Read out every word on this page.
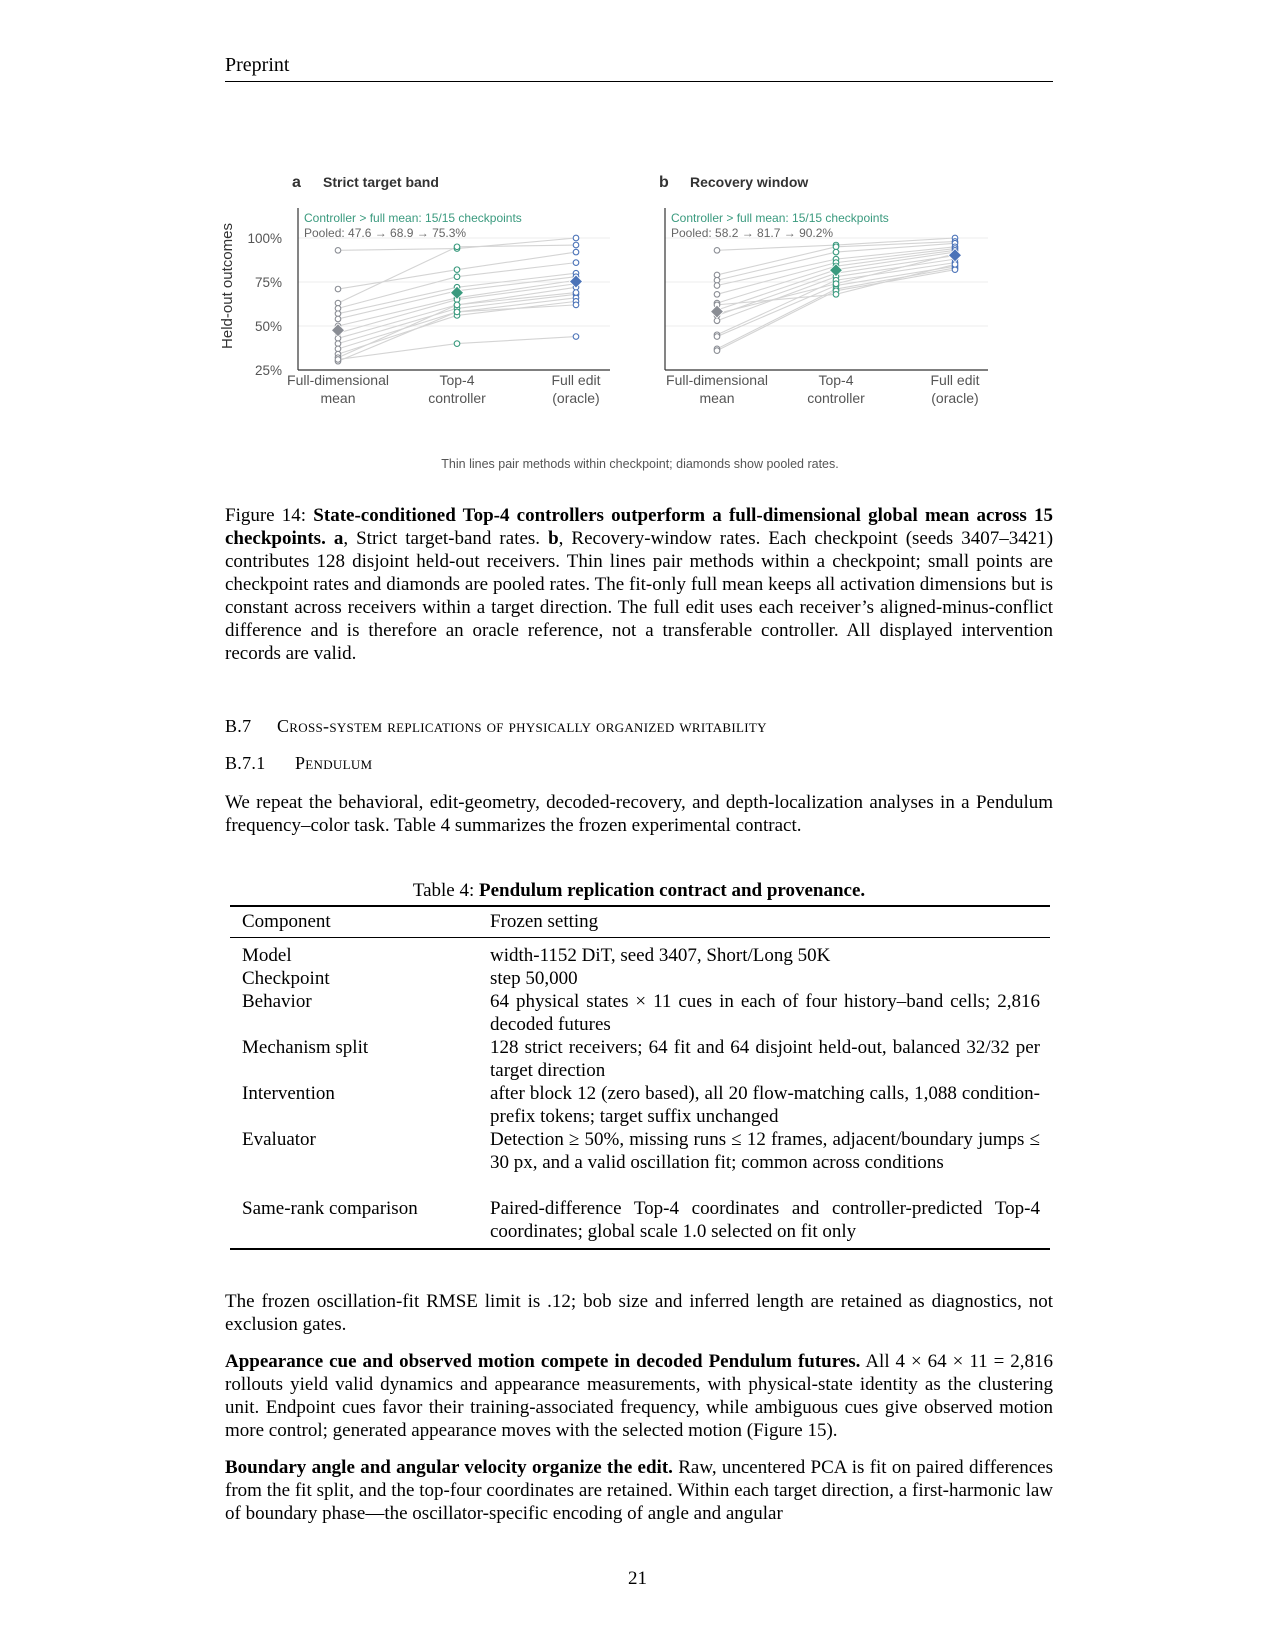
Preprint
Held-out outcomes
a Strict target band
25%
50%
75%
100%
Full-dimensional
mean
Top-4
controller
Full edit
(oracle)
Controller > full mean: 15/15 checkpoints
Pooled: 47.6 → 68.9 → 75.3%
b Recovery window
Full-dimensional
mean
Top-4
controller
Full edit
(oracle)
Controller > full mean: 15/15 checkpoints
Pooled: 58.2 → 81.7 → 90.2%
Thin lines pair methods within checkpoint; diamonds show pooled rates.
Figure 14: State-conditioned Top-4 controllers outperform a full-dimensional global mean across 15 checkpoints. a, Strict target-band rates. b, Recovery-window rates. Each checkpoint (seeds 3407–3421) contributes 128 disjoint held-out receivers. Thin lines pair methods within a checkpoint; small points are checkpoint rates and diamonds are pooled rates. The fit-only full mean keeps all activation dimensions but is constant across receivers within a target direction. The full edit uses each receiver’s aligned-minus-conflict difference and is therefore an oracle reference, not a transferable controller. All displayed intervention records are valid.
B.7 Cross-system replications of physically organized writability
B.7.1 Pendulum
We repeat the behavioral, edit-geometry, decoded-recovery, and depth-localization analyses in a Pendulum frequency–color task. Table 4 summarizes the frozen experimental contract.
Table 4: Pendulum replication contract and provenance.
Component	Frozen setting
Model	width-1152 DiT, seed 3407, Short/Long 50K
Checkpoint	step 50,000
Behavior	64 physical states × 11 cues in each of four history–band cells; 2,816 decoded futures
Mechanism split	128 strict receivers; 64 fit and 64 disjoint held-out, balanced 32/32 per target direction
Intervention	after block 12 (zero based), all 20 flow-matching calls, 1,088 condition-prefix tokens; target suffix unchanged
Evaluator	Detection ≥ 50%, missing runs ≤ 12 frames, adjacent/boundary jumps ≤ 30 px, and a valid oscillation fit; common across conditions
Same-rank comparison	Paired-difference Top-4 coordinates and controller-predicted Top-4 coordinates; global scale 1.0 selected on fit only
The frozen oscillation-fit RMSE limit is .12; bob size and inferred length are retained as diagnostics, not exclusion gates.
Appearance cue and observed motion compete in decoded Pendulum futures. All 4 × 64 × 11 = 2,816 rollouts yield valid dynamics and appearance measurements, with physical-state identity as the clustering unit. Endpoint cues favor their training-associated frequency, while ambiguous cues give observed motion more control; generated appearance moves with the selected motion (Figure 15).
Boundary angle and angular velocity organize the edit. Raw, uncentered PCA is fit on paired differences from the fit split, and the top-four coordinates are retained. Within each target direction, a first-harmonic law of boundary phase—the oscillator-specific encoding of angle and angular
21
